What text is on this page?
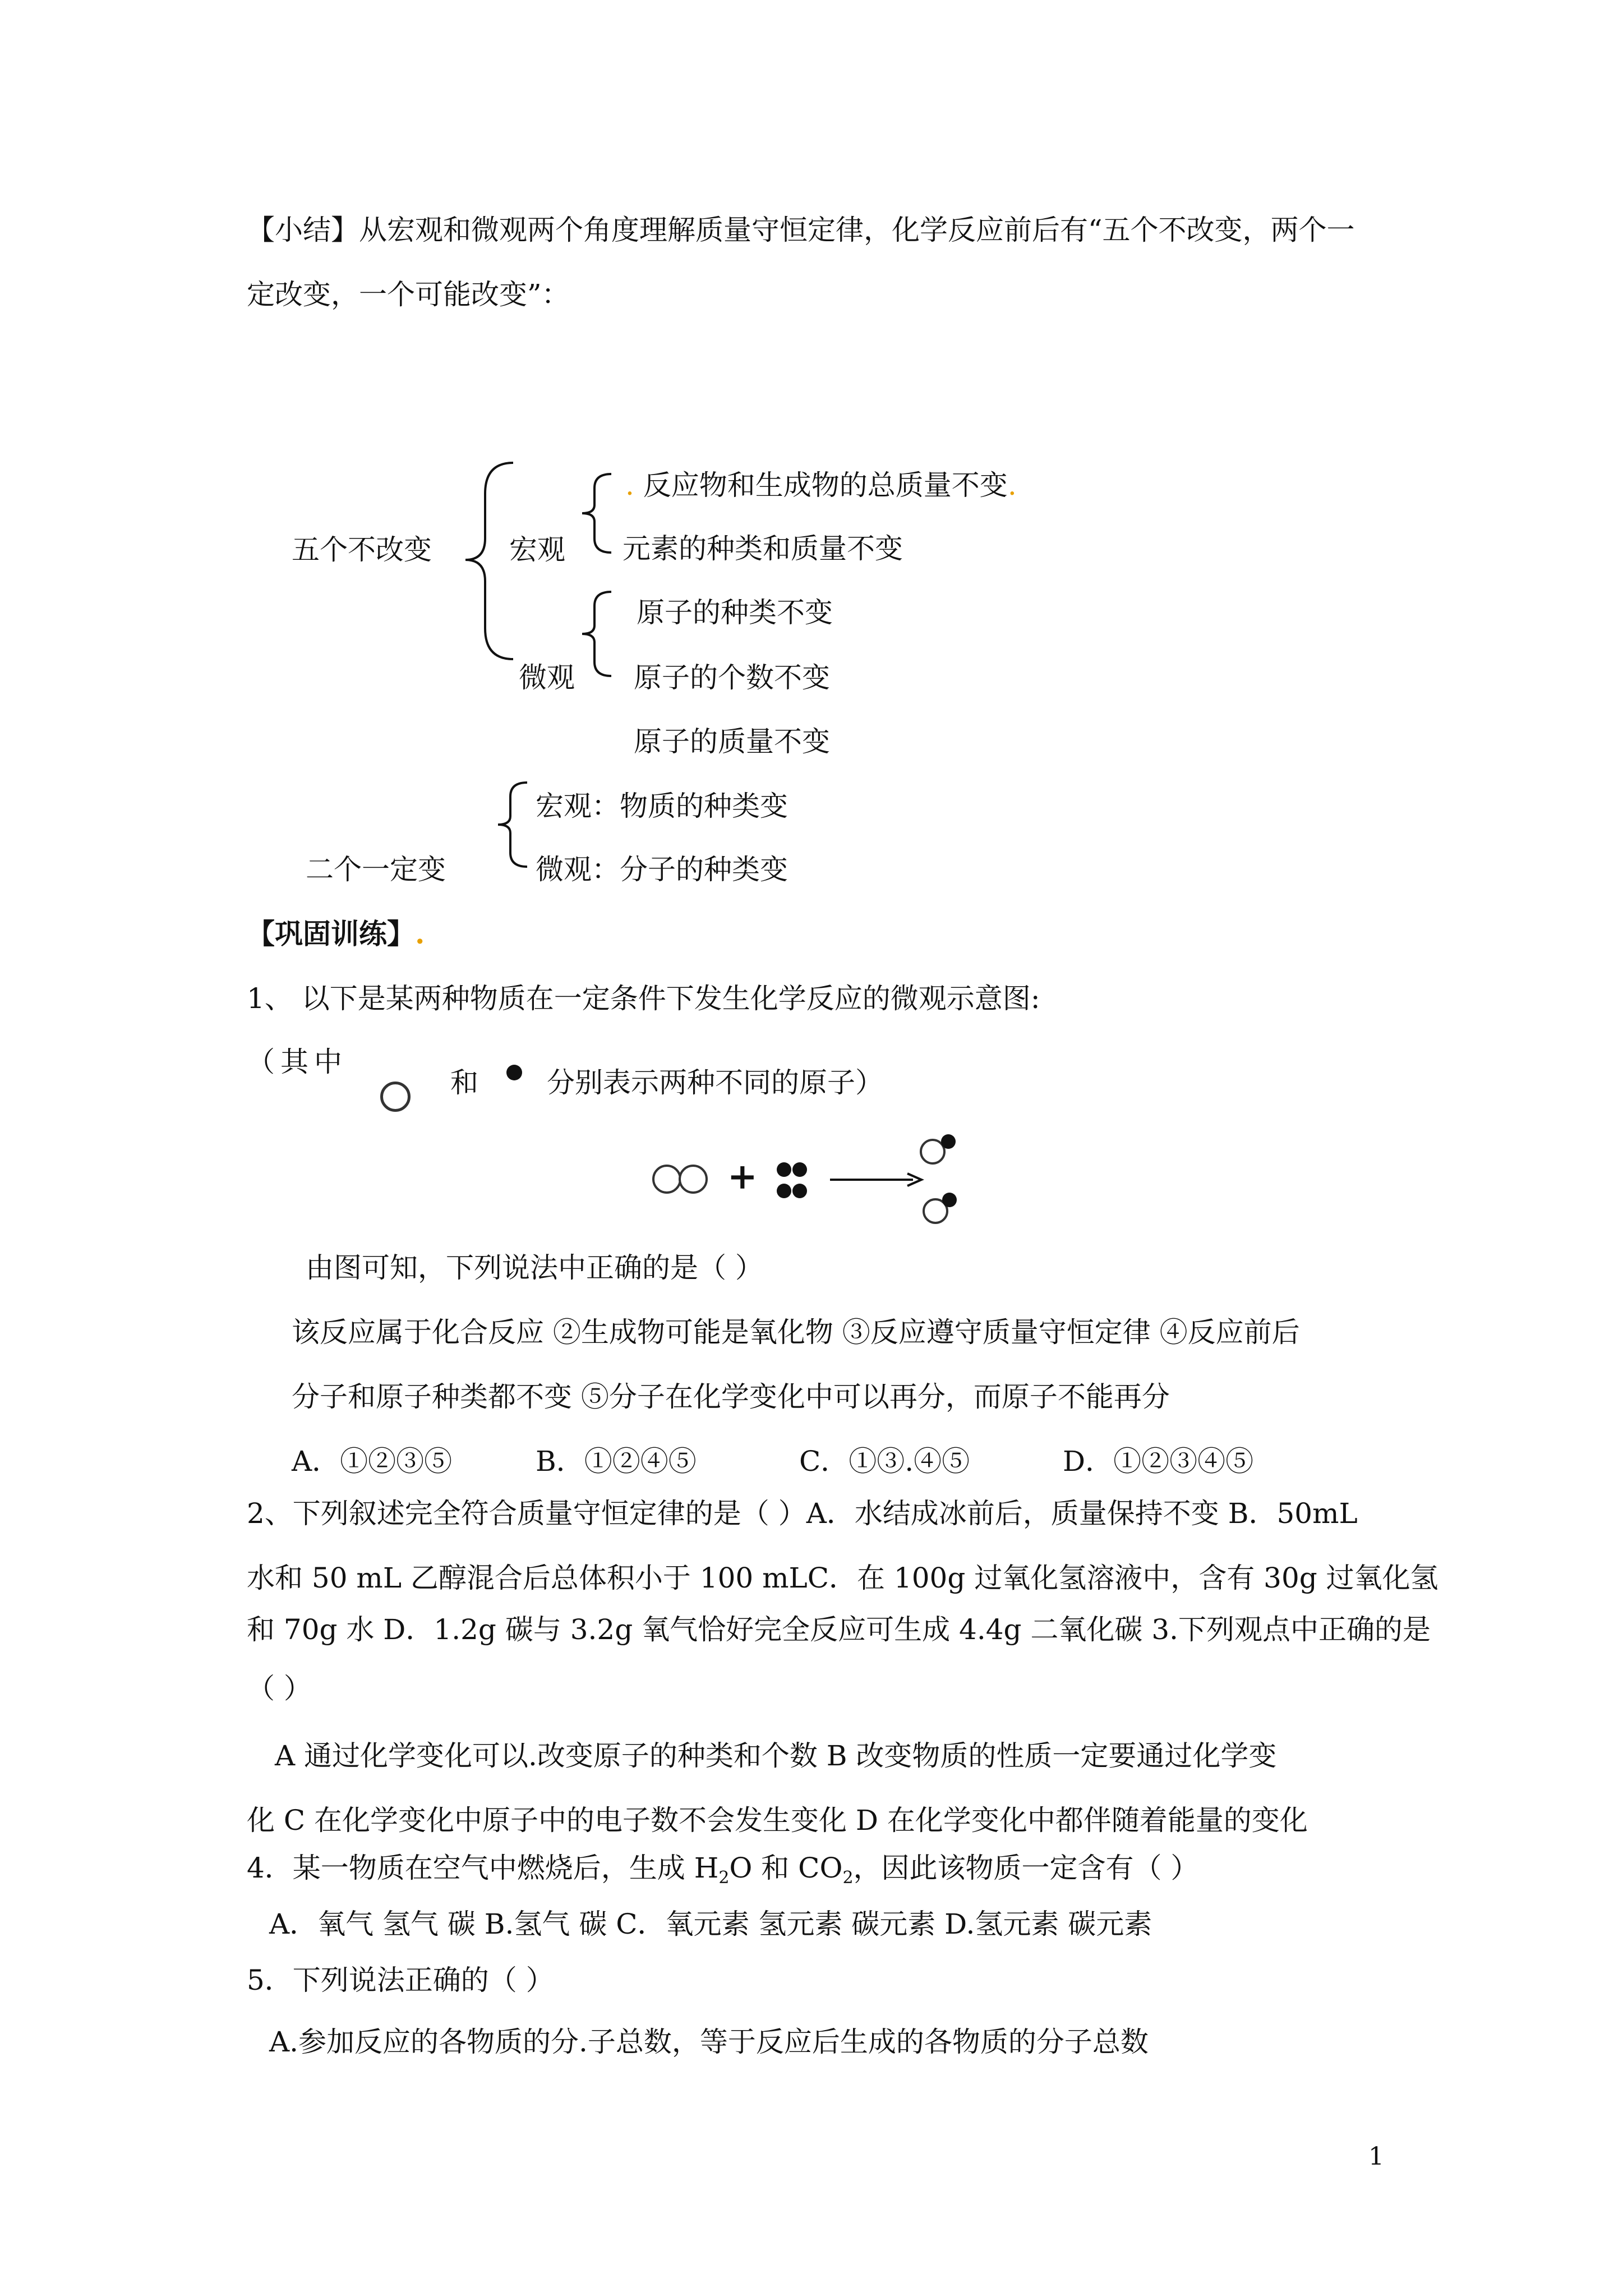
【小结】从宏观和微观两个角度理解质量守恒定律，化学反应前后有“五个不改变，两个一
定改变，一个可能改变”：
五个不改变	宏观
. 反应物和生成物的总质量不变.
元素的种类和质量不变
原子的种类不变
微观 原子的个数不变
原子的质量不变
宏观：物质的种类变
二个一定变	微观：分子的种类变
【巩固训练】.
1、 以下是某两种物质在一定条件下发生化学反应的微观示意图:
（其中
和 分别表示两种不同的原子）
+
由图可知，下列说法中正确的是（ ）
该反应属于化合反应 ②生成物可能是氧化物 ③反应遵守质量守恒定律 ④反应前后
分子和原子种类都不变 ⑤分子在化学变化中可以再分，而原子不能再分
A．①②③⑤	B．①②④⑤	C．①③.④⑤	D．①②③④⑤
2、下列叙述完全符合质量守恒定律的是（ ）A．水结成冰前后，质量保持不变 B．50mL
水和 50 mL 乙醇混合后总体积小于 100 mLC．在 100g 过氧化氢溶液中，含有 30g 过氧化氢
和 70g 水 D．1.2g 碳与 3.2g 氧气恰好完全反应可生成 4.4g 二氧化碳 3.下列观点中正确的是
（ ）
A 通过化学变化可以.改变原子的种类和个数 B 改变物质的性质一定要通过化学变
化 C 在化学变化中原子中的电子数不会发生变化 D 在化学变化中都伴随着能量的变化
4．某一物质在空气中燃烧后，生成 $H_2O$ 和 $CO_2$，因此该物质一定含有（ ）
A．氧气 氢气 碳 B.氢气 碳 C．氧元素 氢元素 碳元素 D.氢元素 碳元素
5．下列说法正确的（ ）
A.参加反应的各物质的分.子总数，等于反应后生成的各物质的分子总数
1
